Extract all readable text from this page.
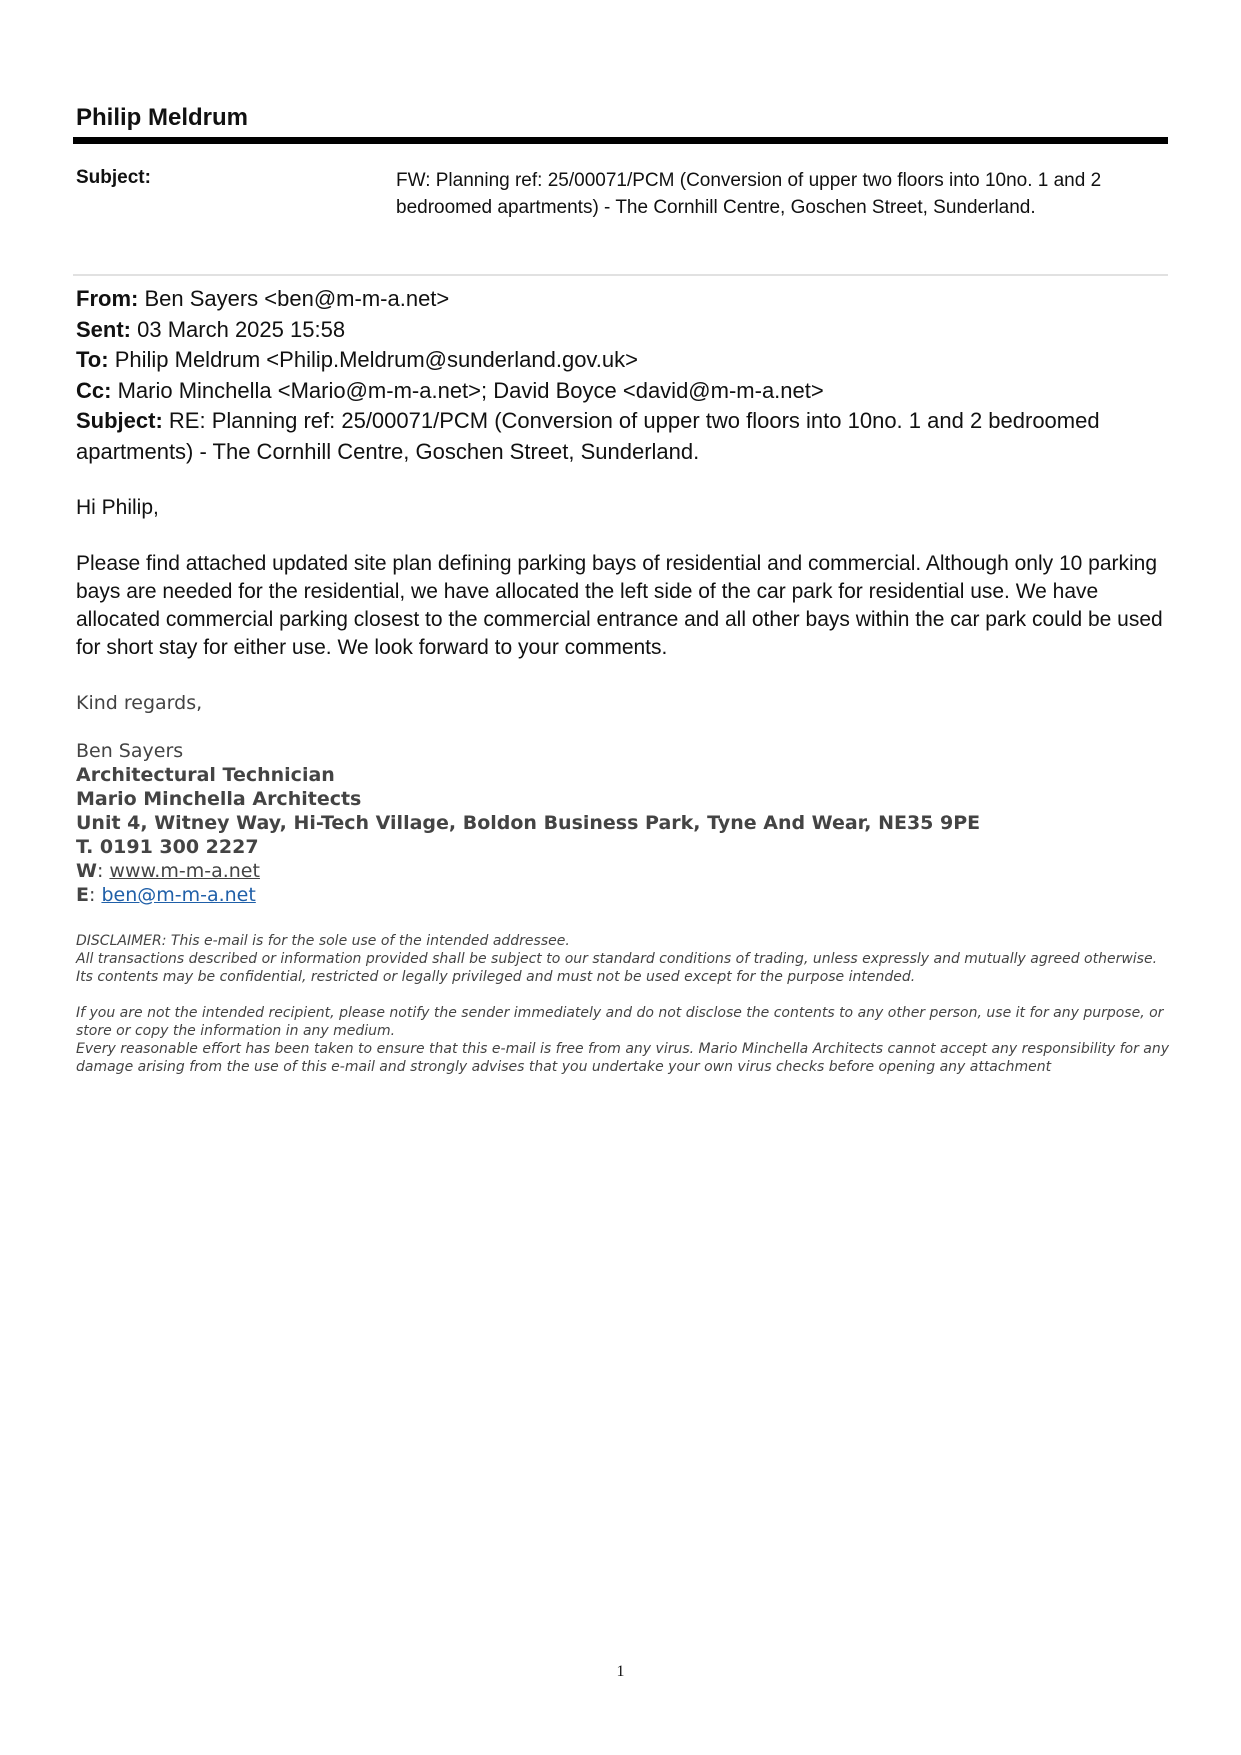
Philip Meldrum
Subject:	FW: Planning ref: 25/00071/PCM (Conversion of upper two floors into 10no. 1 and 2 bedroomed apartments) - The Cornhill Centre, Goschen Street, Sunderland.
From: Ben Sayers <ben@m-m-a.net>
Sent: 03 March 2025 15:58
To: Philip Meldrum <Philip.Meldrum@sunderland.gov.uk>
Cc: Mario Minchella <Mario@m-m-a.net>; David Boyce <david@m-m-a.net>
Subject: RE: Planning ref: 25/00071/PCM (Conversion of upper two floors into 10no. 1 and 2 bedroomed apartments) - The Cornhill Centre, Goschen Street, Sunderland.
Hi Philip,
Please find attached updated site plan defining parking bays of residential and commercial. Although only 10 parking bays are needed for the residential, we have allocated the left side of the car park for residential use. We have allocated commercial parking closest to the commercial entrance and all other bays within the car park could be used for short stay for either use. We look forward to your comments.
Kind regards,
Ben Sayers
Architectural Technician
Mario Minchella Architects
Unit 4, Witney Way, Hi-Tech Village, Boldon Business Park, Tyne And Wear, NE35 9PE
T. 0191 300 2227
W: www.m-m-a.net
E: ben@m-m-a.net

DISCLAIMER: This e-mail is for the sole use of the intended addressee.

All transactions described or information provided shall be subject to our standard conditions of trading, unless expressly and mutually agreed otherwise.

Its contents may be confidential, restricted or legally privileged and must not be used except for the purpose intended.

If you are not the intended recipient, please notify the sender immediately and do not disclose the contents to any other person, use it for any purpose, or store or copy the information in any medium.

Every reasonable effort has been taken to ensure that this e-mail is free from any virus. Mario Minchella Architects cannot accept any responsibility for any damage arising from the use of this e-mail and strongly advises that you undertake your own virus checks before opening any attachment

1
